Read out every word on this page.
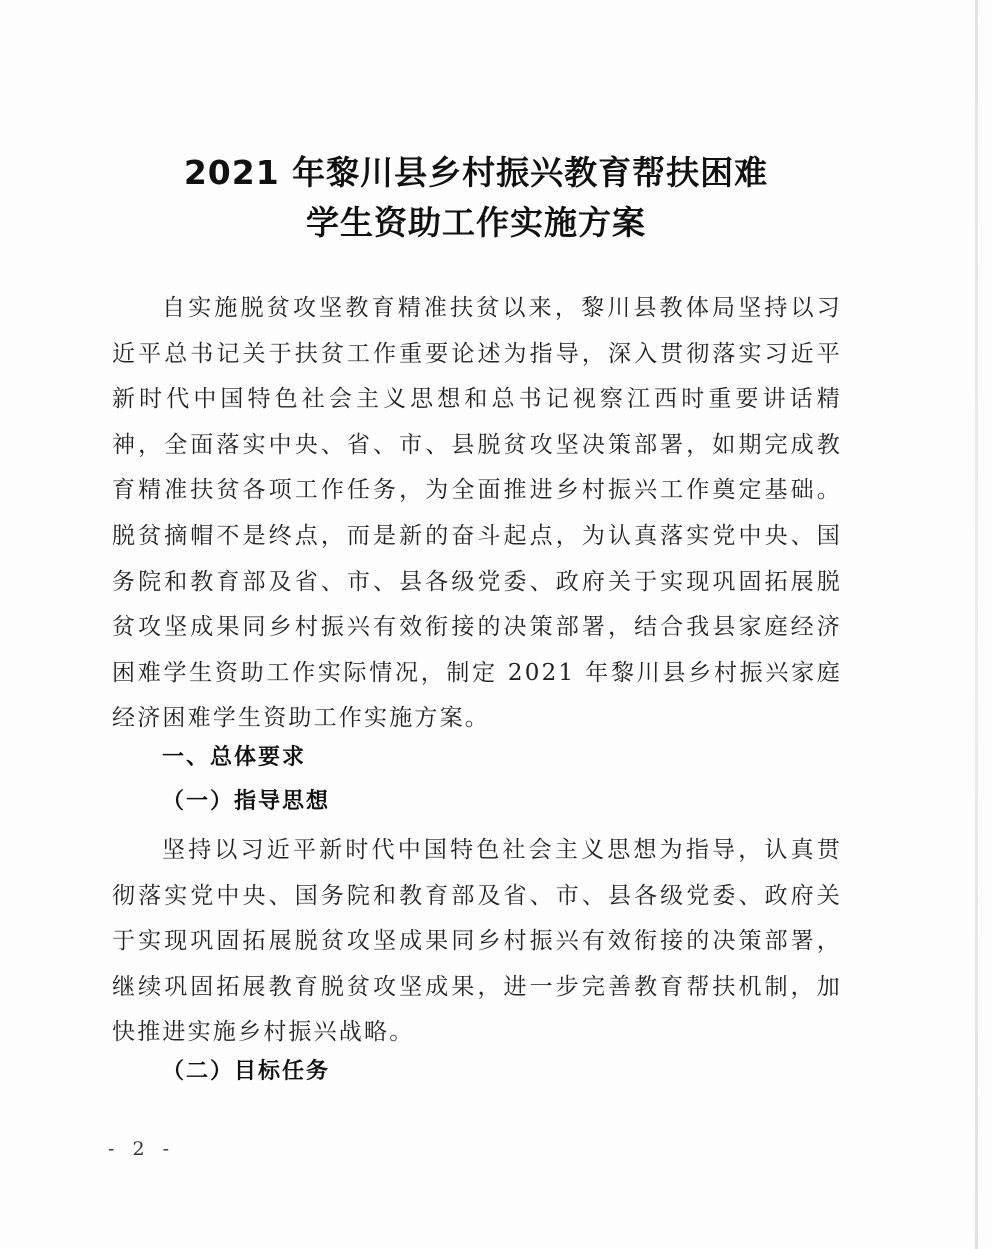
2021 年黎川县乡村振兴教育帮扶困难
学生资助工作实施方案

自实施脱贫攻坚教育精准扶贫以来，黎川县教体局坚持以习近平总书记关于扶贫工作重要论述为指导，深入贯彻落实习近平新时代中国特色社会主义思想和总书记视察江西时重要讲话精神，全面落实中央、省、市、县脱贫攻坚决策部署，如期完成教育精准扶贫各项工作任务，为全面推进乡村振兴工作奠定基础。脱贫摘帽不是终点，而是新的奋斗起点，为认真落实党中央、国务院和教育部及省、市、县各级党委、政府关于实现巩固拓展脱贫攻坚成果同乡村振兴有效衔接的决策部署，结合我县家庭经济困难学生资助工作实际情况，制定 2021 年黎川县乡村振兴家庭经济困难学生资助工作实施方案。

一、总体要求
（一）指导思想

坚持以习近平新时代中国特色社会主义思想为指导，认真贯彻落实党中央、国务院和教育部及省、市、县各级党委、政府关于实现巩固拓展脱贫攻坚成果同乡村振兴有效衔接的决策部署，继续巩固拓展教育脱贫攻坚成果，进一步完善教育帮扶机制，加快推进实施乡村振兴战略。

（二）目标任务
- 2 -
